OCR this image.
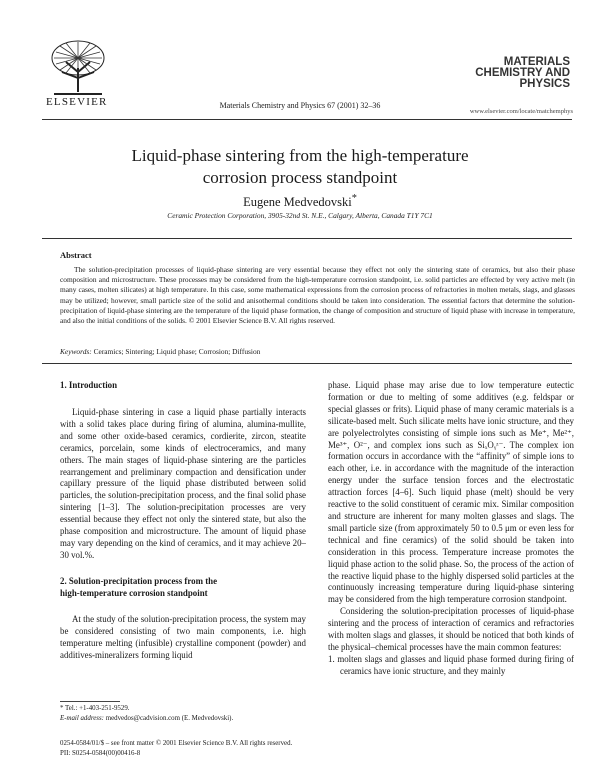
ELSEVIER	Materials Chemistry and Physics 67 (2001) 32–36
MATERIALS
CHEMISTRY AND
PHYSICS
www.elsevier.com/locate/matchemphys
Liquid-phase sintering from the high-temperature
corrosion process standpoint
Eugene Medvedovski*
Ceramic Protection Corporation, 3905-32nd St. N.E., Calgary, Alberta, Canada T1Y 7C1
Abstract
The solution-precipitation processes of liquid-phase sintering are very essential because they effect not only the sintering state of ceramics, but also their phase composition and microstructure. These processes may be considered from the high-temperature corrosion standpoint, i.e. solid particles are effected by very active melt (in many cases, molten silicates) at high temperature. In this case, some mathematical expressions from the corrosion process of refractories in molten metals, slags, and glasses may be utilized; however, small particle size of the solid and anisothermal conditions should be taken into consideration. The essential factors that determine the solution-precipitation of liquid-phase sintering are the temperature of the liquid phase formation, the change of composition and structure of liquid phase with increase in temperature, and also the initial conditions of the solids. © 2001 Elsevier Science B.V. All rights reserved.
Keywords: Ceramics; Sintering; Liquid phase; Corrosion; Diffusion
1. Introduction

Liquid-phase sintering in case a liquid phase partially interacts with a solid takes place during firing of alumina, alumina-mullite, and some other oxide-based ceramics, cordierite, zircon, steatite ceramics, porcelain, some kinds of electroceramics, and many others. The main stages of liquid-phase sintering are the particles rearrangement and preliminary compaction and densification under capillary pressure of the liquid phase distributed between solid particles, the solution-precipitation process, and the final solid phase sintering [1–3]. The solution-precipitation processes are very essential because they effect not only the sintered state, but also the phase composition and microstructure. The amount of liquid phase may vary depending on the kind of ceramics, and it may achieve 20–30 vol.%.

2. Solution-precipitation process from the
high-temperature corrosion standpoint

At the study of the solution-precipitation process, the system may be considered consisting of two main components, i.e. high temperature melting (infusible) crystalline component (powder) and additives-mineralizers forming liquid

phase. Liquid phase may arise due to low temperature eutectic formation or due to melting of some additives (e.g. feldspar or special glasses or frits). Liquid phase of many ceramic materials is a silicate-based melt. Such silicate melts have ionic structure, and they are polyelectrolytes consisting of simple ions such as Me⁺, Me²⁺, Me³⁺, O²⁻, and complex ions such as SiₓOᵧᶻ⁻. The complex ion formation occurs in accordance with the “affinity” of simple ions to each other, i.e. in accordance with the magnitude of the interaction energy under the surface tension forces and the electrostatic attraction forces [4–6]. Such liquid phase (melt) should be very reactive to the solid constituent of ceramic mix. Similar composition and structure are inherent for many molten glasses and slags. The small particle size (from approximately 50 to 0.5 μm or even less for technical and fine ceramics) of the solid should be taken into consideration in this process. Temperature increase promotes the liquid phase action to the solid phase. So, the process of the action of the reactive liquid phase to the highly dispersed solid particles at the continuously increasing temperature during liquid-phase sintering may be considered from the high temperature corrosion standpoint.

Considering the solution-precipitation processes of liquid-phase sintering and the process of interaction of ceramics and refractories with molten slags and glasses, it should be noticed that both kinds of the physical–chemical processes have the main common features:

1. molten slags and glasses and liquid phase formed during firing of ceramics have ionic structure, and they mainly
* Tel.: +1-403-251-9529.
E-mail address: medvedos@cadvision.com (E. Medvedovski).
0254-0584/01/$ – see front matter © 2001 Elsevier Science B.V. All rights reserved.
PII: S0254-0584(00)00416-8
